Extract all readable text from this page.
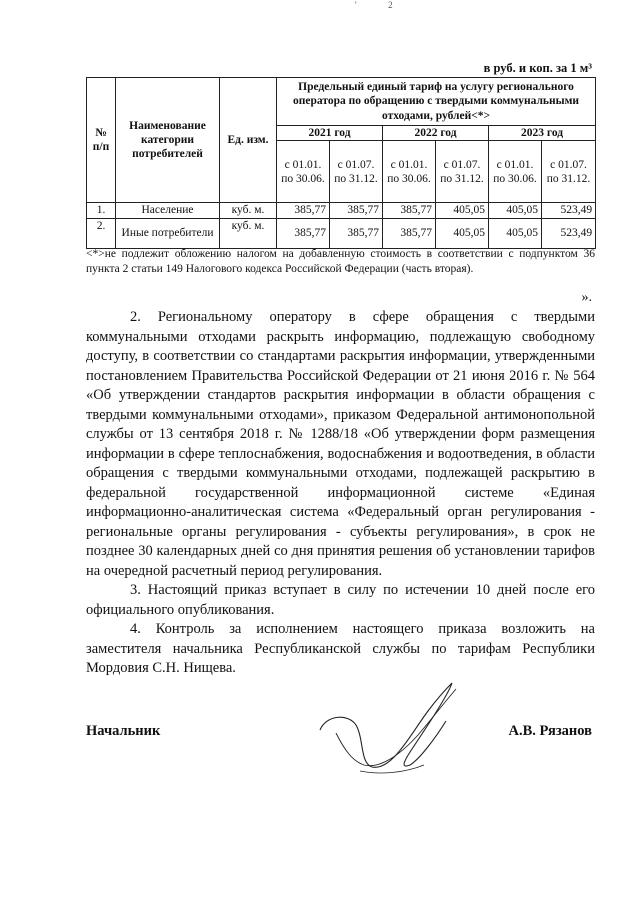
'              2
в руб. и коп. за 1 м³
№ п/п	Наименование категории потребителей	Ед. изм.	Предельный единый тариф на услугу регионального оператора по обращению с твердыми коммунальными отходами, рублей<*>					
			2021 год		2022 год		2023 год	
			с 01.01. по 30.06.	с 01.07. по 31.12.	с 01.01. по 30.06.	с 01.07. по 31.12.	с 01.01. по 30.06.	с 01.07. по 31.12.
1.	Население	куб. м.	385,77	385,77	385,77	405,05	405,05	523,49
2.	Иные потребители	куб. м.	385,77	385,77	385,77	405,05	405,05	523,49
<*>не подлежит обложению налогом на добавленную стоимость в соответствии с подпунктом 36 пункта 2 статьи 149 Налогового кодекса Российской Федерации (часть вторая).
».

2. Региональному оператору в сфере обращения с твердыми коммунальными отходами раскрыть информацию, подлежащую свободному доступу, в соответствии со стандартами раскрытия информации, утвержденными постановлением Правительства Российской Федерации от 21 июня 2016 г. № 564 «Об утверждении стандартов раскрытия информации в области обращения с твердыми коммунальными отходами», приказом Федеральной антимонопольной службы от 13 сентября 2018 г. № 1288/18 «Об утверждении форм размещения информации в сфере теплоснабжения, водоснабжения и водоотведения, в области обращения с твердыми коммунальными отходами, подлежащей раскрытию в федеральной государственной информационной системе «Единая информационно-аналитическая система «Федеральный орган регулирования - региональные органы регулирования - субъекты регулирования», в срок не позднее 30 календарных дней со дня принятия решения об установлении тарифов на очередной расчетный период регулирования.

3. Настоящий приказ вступает в силу по истечении 10 дней после его официального опубликования.

4. Контроль за исполнением настоящего приказа возложить на заместителя начальника Республиканской службы по тарифам Республики Мордовия С.Н. Нищева.

Начальник	А.В. Рязанов
